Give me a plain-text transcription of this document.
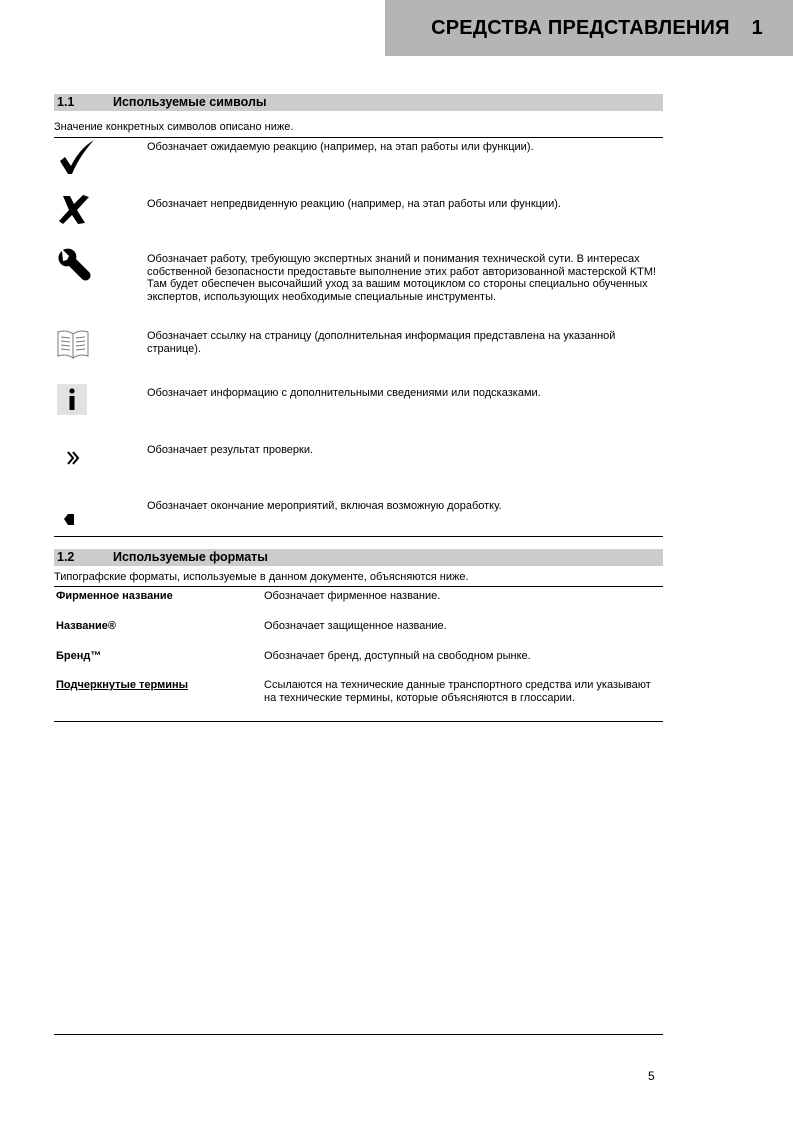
СРЕДСТВА ПРЕДСТАВЛЕНИЯ 1
1.1	Используемые символы
Значение конкретных символов описано ниже.
Обозначает ожидаемую реакцию (например, на этап работы или функции).
Обозначает непредвиденную реакцию (например, на этап работы или функции).
Обозначает работу, требующую экспертных знаний и понимания технической сути. В интересах собственной безопасности предоставьте выполнение этих работ авторизованной мастерской KTM! Там будет обеспечен высочайший уход за вашим мотоциклом со стороны специально обученных экспертов, использующих необходимые специальные инструменты.
Обозначает ссылку на страницу (дополнительная информация представлена на указанной странице).
Обозначает информацию с дополнительными сведениями или подсказками.
Обозначает результат проверки.
Обозначает окончание мероприятий, включая возможную доработку.
1.2	Используемые форматы
Типографские форматы, используемые в данном документе, объясняются ниже.
Фирменное название	Обозначает фирменное название.
Название®	Обозначает защищенное название.
Бренд™	Обозначает бренд, доступный на свободном рынке.
Подчеркнутые термины	Ссылаются на технические данные транспортного средства или указывают на технические термины, которые объясняются в глоссарии.
5
